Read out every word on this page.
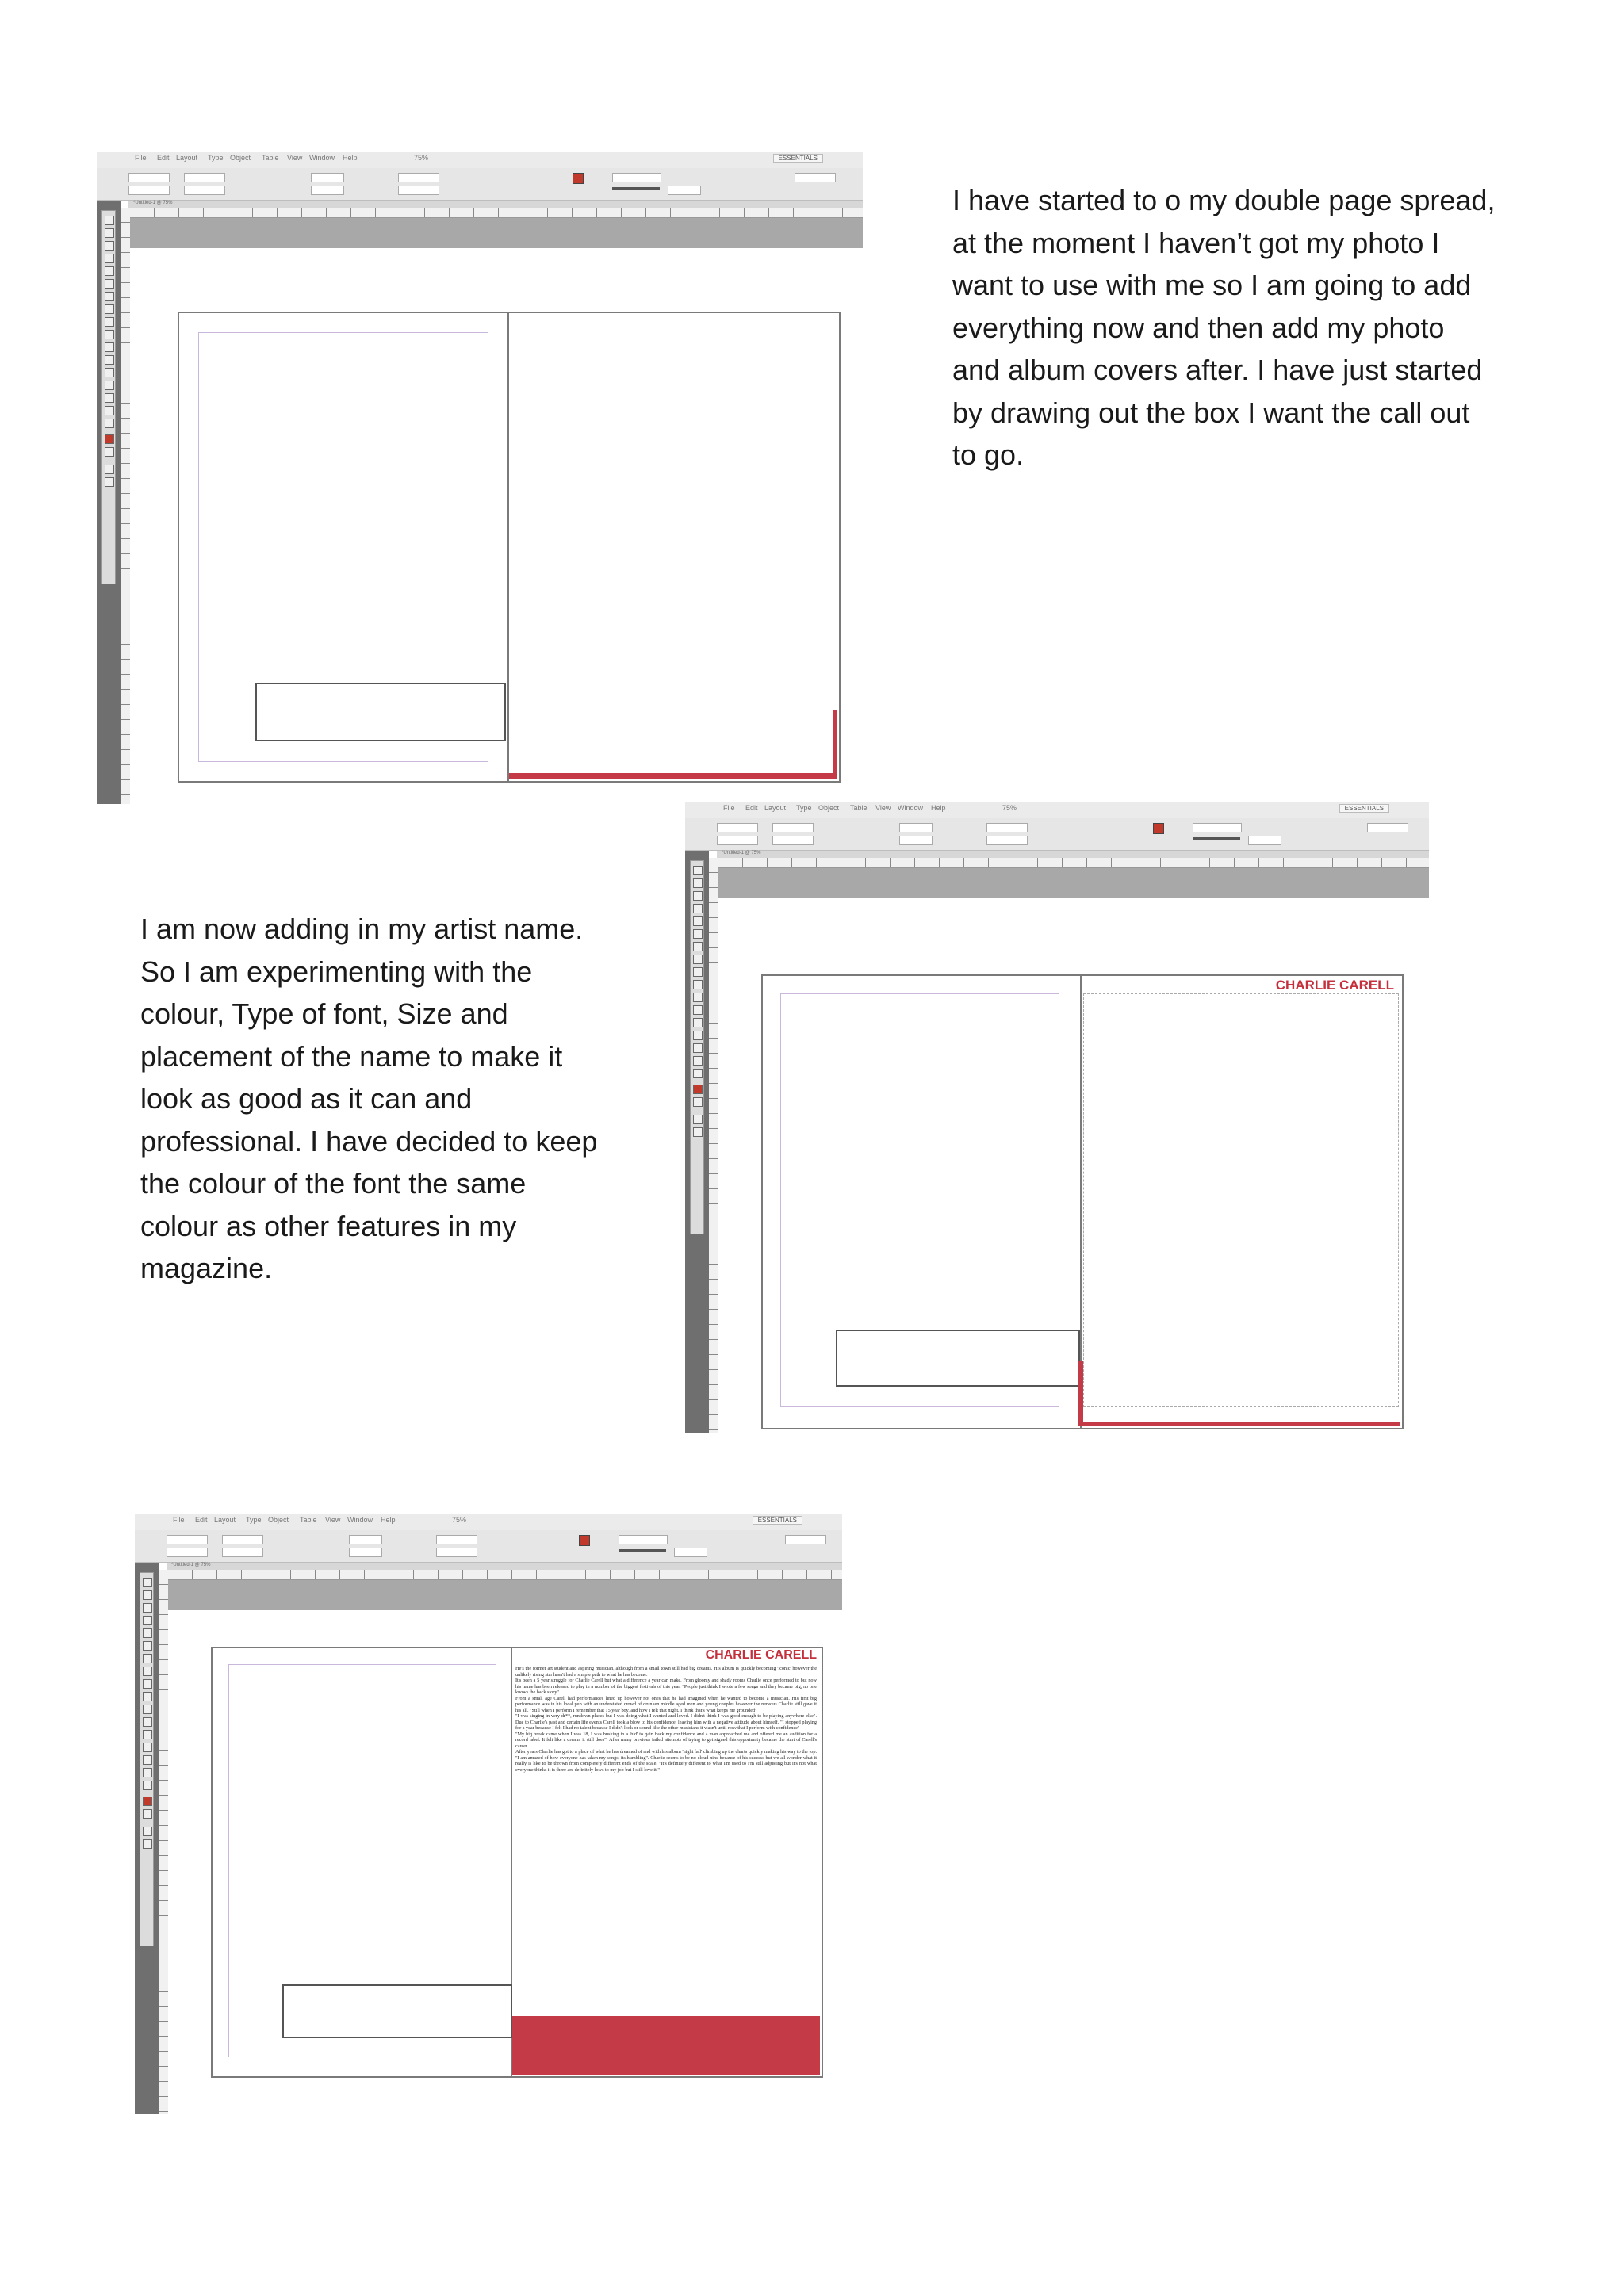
I have started to o my double page spread,
at the moment I haven’t got my photo I
want to use with me so I am going to add
everything now and then add my photo
and album covers after. I have just started
by drawing out the box I want the call out
to go.
I am now adding in my artist name.
So I am experimenting with the
colour, Type of font, Size and
placement of the name to make it
look as good as it can and
professional. I have decided to keep
the colour of the font the same
colour as other features in my
magazine.
File Edit Layout Type Object Table View Window Help	75%	ESSENTIALS
*Untitled-1 @ 75%
File Edit Layout Type Object Table View Window Help	75%	ESSENTIALS
*Untitled-1 @ 75%
CHARLIE CARELL
File Edit Layout Type Object Table View Window Help	75%	ESSENTIALS
*Untitled-1 @ 75%
CHARLIE CARELL

He's the former art student and aspiring musician, although from a small town still had big dreams. His album is quickly becoming 'iconic' however the unlikely rising star hasn't had a simple path to what he has become.

It's been a 5 year struggle for Charlie Carell but what a difference a year can make. From gloomy and shady rooms Charlie once performed to but now his name has been released to play in a number of the biggest festivals of this year. "People just think I wrote a few songs and they became big, no one knows the back story"

From a small age Carell had performances lined up however not ones that he had imagined when he wanted to become a musician. His first big performance was in his local pub with an understated crowd of drunken middle aged men and young couples however the nervous Charlie still gave it his all. "Still when I perform I remember that 15 year boy, and how I felt that night. I think that's what keeps me grounded"

"I was singing in very dr**, rundown places but I was doing what I wanted and loved. I didn't think I was good enough to be playing anywhere else". Due to Charlie's past and certain life events Carell took a blow to his confidence, leaving him with a negative attitude about himself. "I stopped playing for a year because I felt I had no talent because I didn't look or sound like the other musicians it wasn't until now that I perform with confidence"

"My big break came when I was 18, I was busking in a 'bid' to gain back my confidence and a man approached me and offered me an audition for a record label. It felt like a dream, it still does". After many previous failed attempts of trying to get signed this opportunity became the start of Carell's career.

After years Charlie has got to a place of what he has dreamed of and with his album 'night fall' climbing up the charts quickly making his way to the top. "I am amazed of how everyone has taken my songs, its humbling". Charlie seems to be no cloud nine because of his success but we all wonder what it really is like to be thrown from completely different ends of the scale. "It's definitely different to what I'm used to I'm still adjusting but it's not what everyone thinks it is there are definitely lows to my job but I still love it."
